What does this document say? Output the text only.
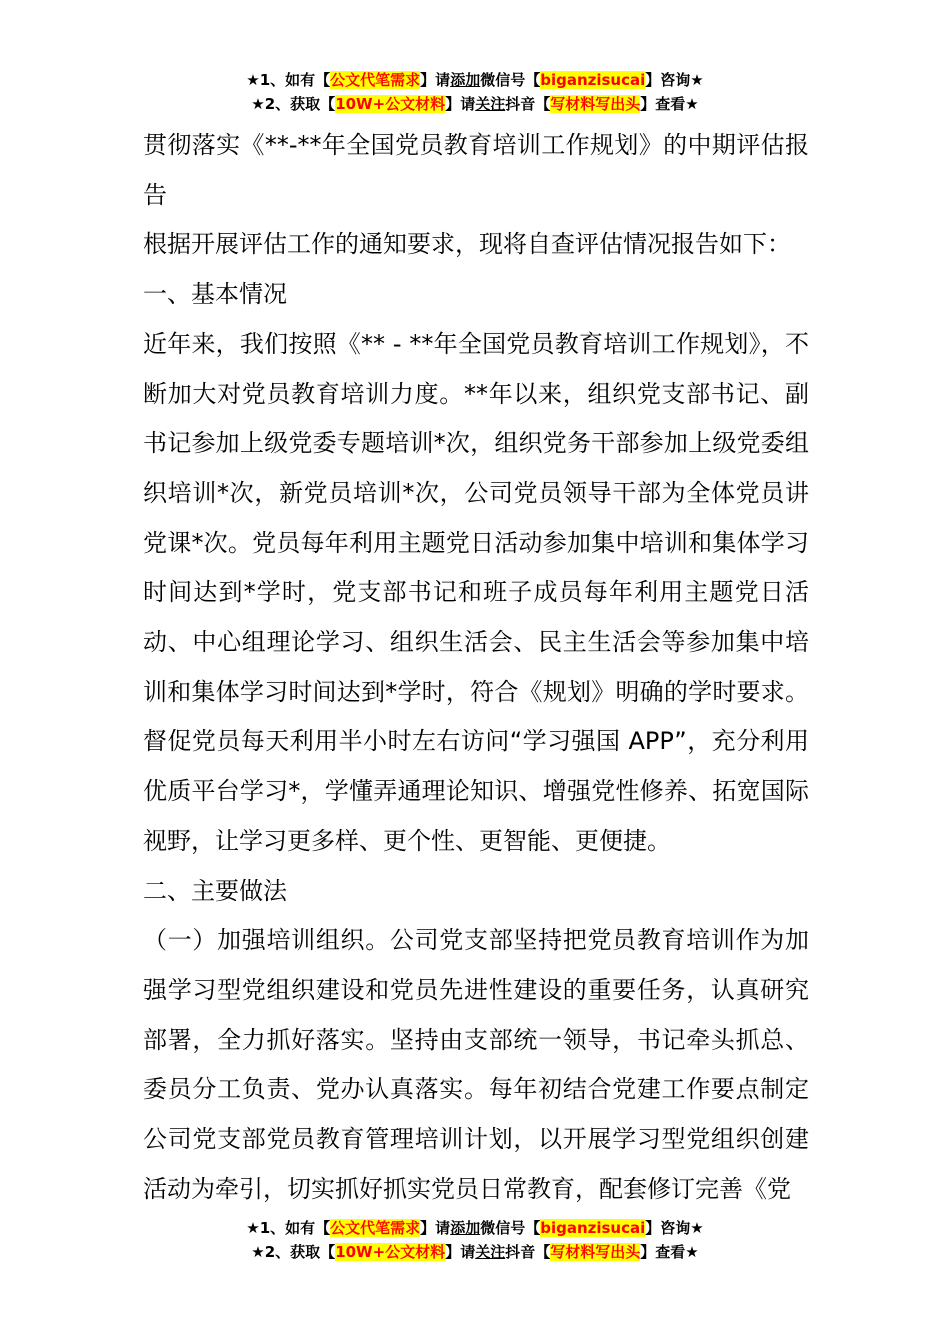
★1、如有【公文代笔需求】请添加微信号【biganzisucai】咨询★
★2、获取【10W+公文材料】请关注抖音【写材料写出头】查看★

贯彻落实《**-**年全国党员教育培训工作规划》的中期评估报告

根据开展评估工作的通知要求，现将自查评估情况报告如下：

一、基本情况

近年来，我们按照《** - **年全国党员教育培训工作规划》，不断加大对党员教育培训力度。**年以来，组织党支部书记、副书记参加上级党委专题培训*次，组织党务干部参加上级党委组织培训*次，新党员培训*次，公司党员领导干部为全体党员讲党课*次。党员每年利用主题党日活动参加集中培训和集体学习时间达到*学时，党支部书记和班子成员每年利用主题党日活动、中心组理论学习、组织生活会、民主生活会等参加集中培训和集体学习时间达到*学时，符合《规划》明确的学时要求。督促党员每天利用半小时左右访问“学习强国 APP”，充分利用优质平台学习*，学懂弄通理论知识、增强党性修养、拓宽国际视野，让学习更多样、更个性、更智能、更便捷。

二、主要做法

（一）加强培训组织。公司党支部坚持把党员教育培训作为加强学习型党组织建设和党员先进性建设的重要任务，认真研究部署，全力抓好落实。坚持由支部统一领导，书记牵头抓总、委员分工负责、党办认真落实。每年初结合党建工作要点制定公司党支部党员教育管理培训计划，以开展学习型党组织创建活动为牵引，切实抓好抓实党员日常教育，配套修订完善《党

★1、如有【公文代笔需求】请添加微信号【biganzisucai】咨询★
★2、获取【10W+公文材料】请关注抖音【写材料写出头】查看★
